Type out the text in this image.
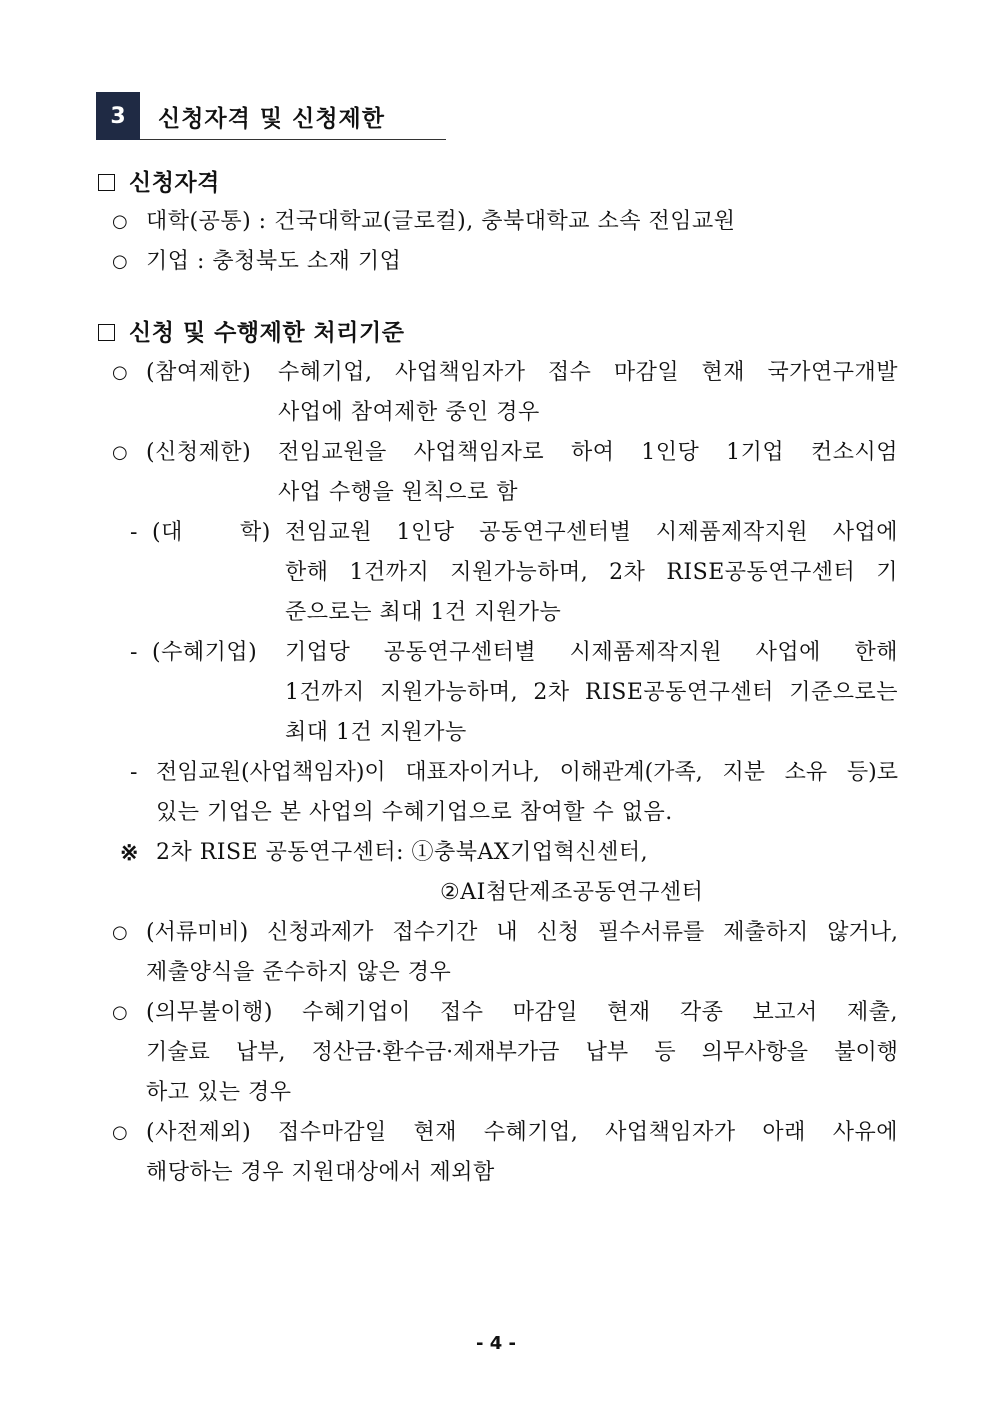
3	신청자격 및 신청제한
신청자격
○ 대학(공통) : 건국대학교(글로컬), 충북대학교 소속 전임교원
○ 기업 : 충청북도 소재 기업
신청 및 수행제한 처리기준
○ (참여제한) 수혜기업, 사업책임자가 접수 마감일 현재 국가연구개발
사업에 참여제한 중인 경우
○ (신청제한) 전임교원을 사업책임자로 하여 1인당 1기업 컨소시엄
사업 수행을 원칙으로 함
- (대	학) 전임교원 1인당 공동연구센터별 시제품제작지원 사업에
한해 1건까지 지원가능하며, 2차 RISE공동연구센터 기
준으로는 최대 1건 지원가능
- (수혜기업) 기업당 공동연구센터별 시제품제작지원 사업에 한해
1건까지 지원가능하며, 2차 RISE공동연구센터 기준으로는
최대 1건 지원가능
- 전임교원(사업책임자)이 대표자이거나, 이해관계(가족, 지분 소유 등)로
있는 기업은 본 사업의 수혜기업으로 참여할 수 없음.
※ 2차 RISE 공동연구센터: ①충북AX기업혁신센터,
②AI첨단제조공동연구센터
○ (서류미비) 신청과제가 접수기간 내 신청 필수서류를 제출하지 않거나,
제출양식을 준수하지 않은 경우
○ (의무불이행) 수혜기업이 접수 마감일 현재 각종 보고서 제출,
기술료 납부, 정산금·환수금·제재부가금 납부 등 의무사항을 불이행
하고 있는 경우
○ (사전제외) 접수마감일 현재 수혜기업, 사업책임자가 아래 사유에
해당하는 경우 지원대상에서 제외함
- 4 -
